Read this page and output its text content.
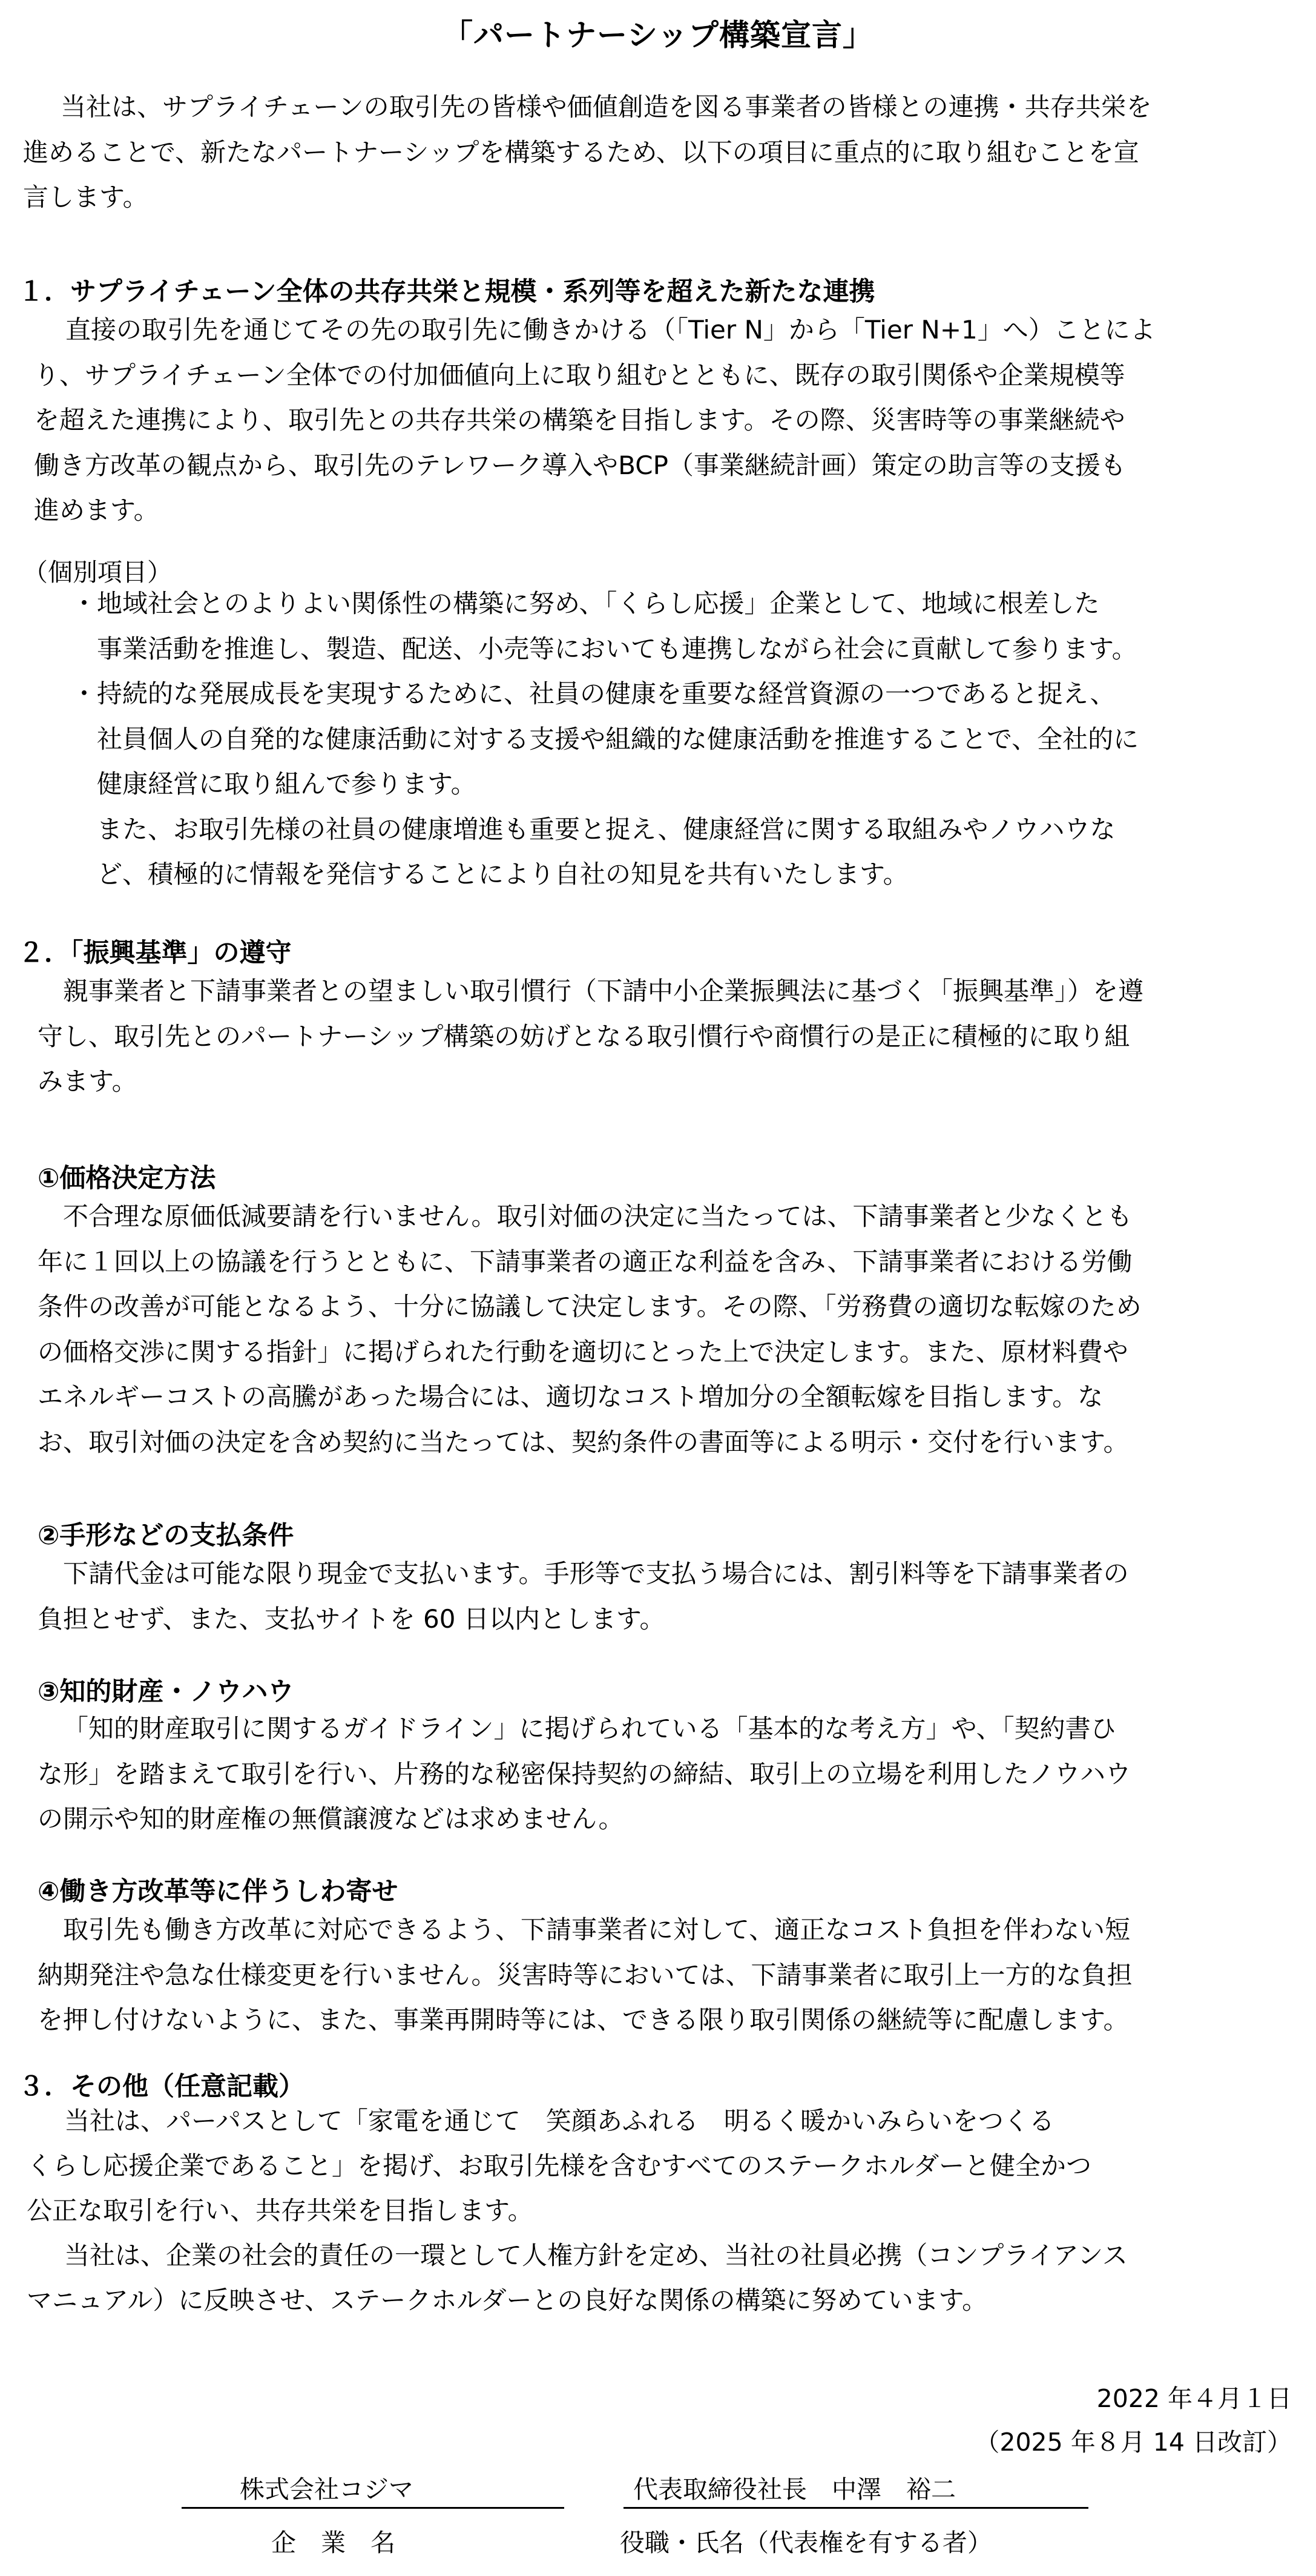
「パートナーシップ構築宣言」
当社は、サプライチェーンの取引先の皆様や価値創造を図る事業者の皆様との連携・共存共栄を
進めることで、新たなパートナーシップを構築するため、以下の項目に重点的に取り組むことを宣
言します。
１．サプライチェーン全体の共存共栄と規模・系列等を超えた新たな連携
直接の取引先を通じてその先の取引先に働きかける（「Tier N」から「Tier N+1」へ）ことによ
り、サプライチェーン全体での付加価値向上に取り組むとともに、既存の取引関係や企業規模等
を超えた連携により、取引先との共存共栄の構築を目指します。その際、災害時等の事業継続や
働き方改革の観点から、取引先のテレワーク導入やBCP（事業継続計画）策定の助言等の支援も
進めます。
（個別項目）
・地域社会とのよりよい関係性の構築に努め、「くらし応援」企業として、地域に根差した
事業活動を推進し、製造、配送、小売等においても連携しながら社会に貢献して参ります。
・持続的な発展成長を実現するために、社員の健康を重要な経営資源の一つであると捉え、
社員個人の自発的な健康活動に対する支援や組織的な健康活動を推進することで、全社的に
健康経営に取り組んで参ります。
また、お取引先様の社員の健康増進も重要と捉え、健康経営に関する取組みやノウハウな
ど、積極的に情報を発信することにより自社の知見を共有いたします。
２．「振興基準」の遵守
親事業者と下請事業者との望ましい取引慣行（下請中小企業振興法に基づく「振興基準」）を遵
守し、取引先とのパートナーシップ構築の妨げとなる取引慣行や商慣行の是正に積極的に取り組
みます。
①価格決定方法
不合理な原価低減要請を行いません。取引対価の決定に当たっては、下請事業者と少なくとも
年に１回以上の協議を行うとともに、下請事業者の適正な利益を含み、下請事業者における労働
条件の改善が可能となるよう、十分に協議して決定します。その際、「労務費の適切な転嫁のため
の価格交渉に関する指針」に掲げられた行動を適切にとった上で決定します。また、原材料費や
エネルギーコストの高騰があった場合には、適切なコスト増加分の全額転嫁を目指します。な
お、取引対価の決定を含め契約に当たっては、契約条件の書面等による明示・交付を行います。
②手形などの支払条件
下請代金は可能な限り現金で支払います。手形等で支払う場合には、割引料等を下請事業者の
負担とせず、また、支払サイトを 60 日以内とします。
③知的財産・ノウハウ
「知的財産取引に関するガイドライン」に掲げられている「基本的な考え方」や、「契約書ひ
な形」を踏まえて取引を行い、片務的な秘密保持契約の締結、取引上の立場を利用したノウハウ
の開示や知的財産権の無償譲渡などは求めません。
④働き方改革等に伴うしわ寄せ
取引先も働き方改革に対応できるよう、下請事業者に対して、適正なコスト負担を伴わない短
納期発注や急な仕様変更を行いません。災害時等においては、下請事業者に取引上一方的な負担
を押し付けないように、また、事業再開時等には、できる限り取引関係の継続等に配慮します。
３．その他（任意記載）
当社は、パーパスとして「家電を通じて　笑顔あふれる　明るく暖かいみらいをつくる
くらし応援企業であること」を掲げ、お取引先様を含むすべてのステークホルダーと健全かつ
公正な取引を行い、共存共栄を目指します。
当社は、企業の社会的責任の一環として人権方針を定め、当社の社員必携（コンプライアンス
マニュアル）に反映させ、ステークホルダーとの良好な関係の構築に努めています。
2022 年４月１日
（2025 年８月 14 日改訂）
株式会社コジマ
企　業　名
代表取締役社長　中澤　裕二
役職・氏名（代表権を有する者）
